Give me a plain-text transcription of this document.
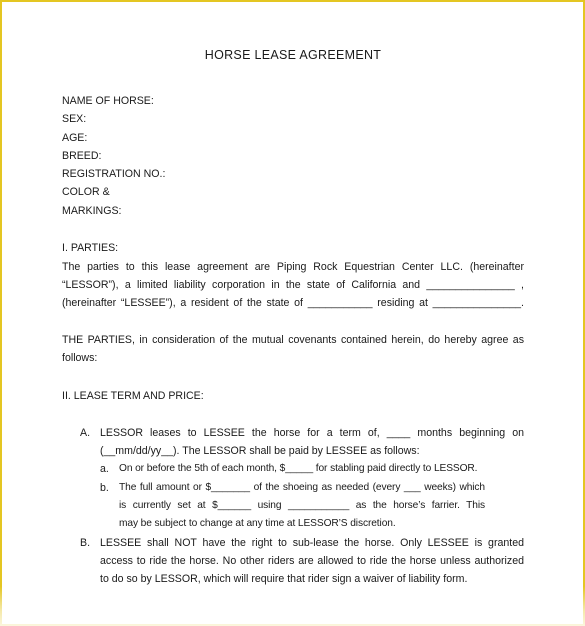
HORSE LEASE AGREEMENT
NAME OF HORSE:
SEX:
AGE:
BREED:
REGISTRATION NO.:
COLOR &
MARKINGS:
I. PARTIES:
The parties to this lease agreement are Piping Rock Equestrian Center LLC. (hereinafter
“LESSOR”), a limited liability corporation in the state of California and _______________ ,
(hereinafter “LESSEE”), a resident of the state of ___________ residing at _______________.
THE PARTIES, in consideration of the mutual covenants contained herein, do hereby agree as
follows:
II. LEASE TERM AND PRICE:
A. LESSOR leases to LESSEE the horse for a term of, ____ months beginning on
(__mm/dd/yy__). The LESSOR shall be paid by LESSEE as follows:
a. On or before the 5th of each month, $_____ for stabling paid directly to LESSOR.
b. The full amount or $_______ of the shoeing as needed (every ___ weeks) which
is currently set at $______ using ___________ as the horse’s farrier. This
may be subject to change at any time at LESSOR’S discretion.
B. LESSEE shall NOT have the right to sub-lease the horse. Only LESSEE is granted
access to ride the horse. No other riders are allowed to ride the horse unless authorized
to do so by LESSOR, which will require that rider sign a waiver of liability form.
